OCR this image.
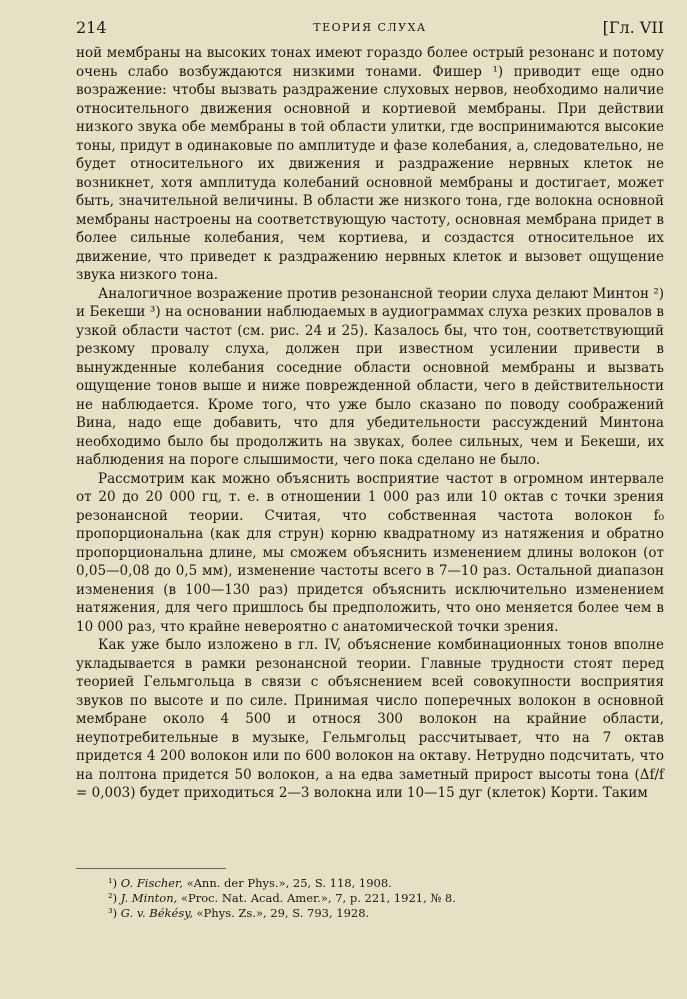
214	ТЕОРИЯ СЛУХА	[Гл. VII

ной мембраны на высоких тонах имеют гораздо более острый резонанс и потому очень слабо возбуждаются низкими тонами. Фишер ¹) приводит еще одно возражение: чтобы вызвать раздражение слуховых нервов, необходимо наличие относительного движения основной и кортиевой мембраны. При действии низкого звука обе мембраны в той области улитки, где воспринимаются высокие тоны, придут в одинаковые по амплитуде и фазе колебания, а, следовательно, не будет относительного их движения и раздражение нервных клеток не возникнет, хотя амплитуда колебаний основной мембраны и достигает, может быть, значительной величины. В области же низкого тона, где волокна основной мембраны настроены на соответствующую частоту, основная мембрана придет в более сильные колебания, чем кортиева, и создастся относительное их движение, что приведет к раздражению нервных клеток и вызовет ощущение звука низкого тона.

Аналогичное возражение против резонансной теории слуха делают Минтон ²) и Бекеши ³) на основании наблюдаемых в аудиограммах слуха резких провалов в узкой области частот (см. рис. 24 и 25). Казалось бы, что тон, соответствующий резкому провалу слуха, должен при известном усилении привести в вынужденные колебания соседние области основной мембраны и вызвать ощущение тонов выше и ниже поврежденной области, чего в действительности не наблюдается. Кроме того, что уже было сказано по поводу соображений Вина, надо еще добавить, что для убедительности рассуждений Минтона необходимо было бы продолжить на звуках, более сильных, чем и Бекеши, их наблюдения на пороге слышимости, чего пока сделано не было.

Рассмотрим как можно объяснить восприятие частот в огромном интервале от 20 до 20 000 гц, т. е. в отношении 1 000 раз или 10 октав с точки зрения резонансной теории. Считая, что собственная частота волокон f₀ пропорциональна (как для струн) корню квадратному из натяжения и обратно пропорциональна длине, мы сможем объяснить изменением длины волокон (от 0,05—0,08 до 0,5 мм), изменение частоты всего в 7—10 раз. Остальной диапазон изменения (в 100—130 раз) придется объяснить исключительно изменением натяжения, для чего пришлось бы предположить, что оно меняется более чем в 10 000 раз, что крайне невероятно с анатомической точки зрения.

Как уже было изложено в гл. IV, объяснение комбинационных тонов вполне укладывается в рамки резонансной теории. Главные трудности стоят перед теорией Гельмгольца в связи с объяснением всей совокупности восприятия звуков по высоте и по силе. Принимая число поперечных волокон в основной мембране около 4 500 и относя 300 волокон на крайние области, неупотребительные в музыке, Гельмгольц рассчитывает, что на 7 октав придется 4 200 волокон или по 600 волокон на октаву. Нетрудно подсчитать, что на полтона придется 50 волокон, а на едва заметный прирост высоты тона (Δf/f = 0,003) будет приходиться 2—3 волокна или 10—15 дуг (клеток) Корти. Таким

¹) O. Fischer, «Ann. der Phys.», 25, S. 118, 1908.
²) J. Minton, «Proc. Nat. Acad. Amer.», 7, p. 221, 1921, № 8.
³) G. v. Békésy, «Phys. Zs.», 29, S. 793, 1928.
